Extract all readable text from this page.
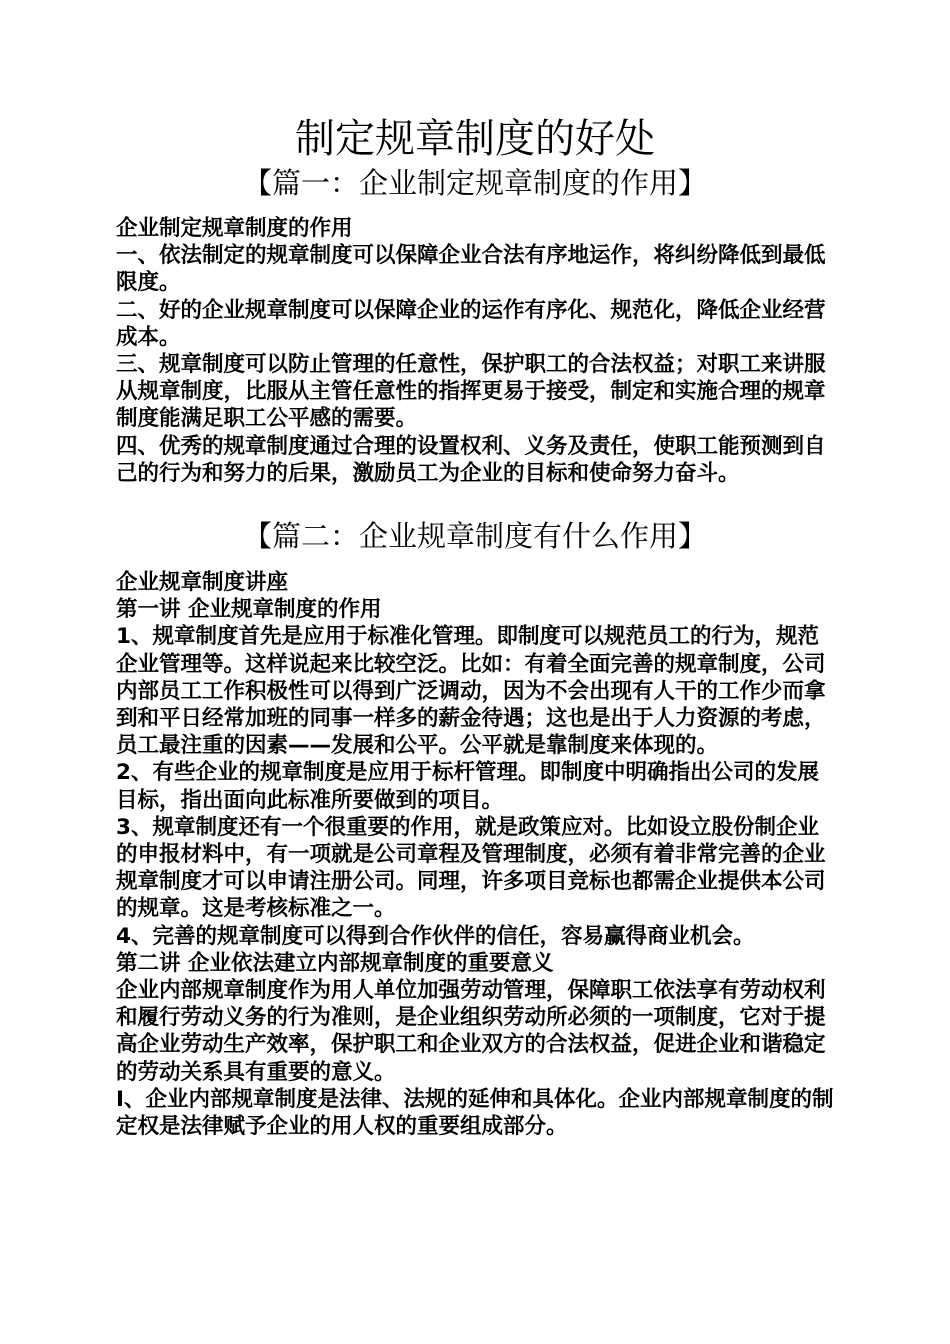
制定规章制度的好处
【篇一：企业制定规章制度的作用】

企业制定规章制度的作用

一、依法制定的规章制度可以保障企业合法有序地运作，将纠纷降低到最低限度。

二、好的企业规章制度可以保障企业的运作有序化、规范化，降低企业经营成本。

三、规章制度可以防止管理的任意性，保护职工的合法权益；对职工来讲服从规章制度，比服从主管任意性的指挥更易于接受，制定和实施合理的规章制度能满足职工公平感的需要。

四、优秀的规章制度通过合理的设置权利、义务及责任，使职工能预测到自己的行为和努力的后果，激励员工为企业的目标和使命努力奋斗。

【篇二：企业规章制度有什么作用】

企业规章制度讲座

第一讲 企业规章制度的作用

1、规章制度首先是应用于标准化管理。即制度可以规范员工的行为，规范企业管理等。这样说起来比较空泛。比如：有着全面完善的规章制度，公司内部员工工作积极性可以得到广泛调动，因为不会出现有人干的工作少而拿到和平日经常加班的同事一样多的薪金待遇；这也是出于人力资源的考虑，员工最注重的因素——发展和公平。公平就是靠制度来体现的。

2、有些企业的规章制度是应用于标杆管理。即制度中明确指出公司的发展目标，指出面向此标准所要做到的项目。

3、规章制度还有一个很重要的作用，就是政策应对。比如设立股份制企业的申报材料中，有一项就是公司章程及管理制度，必须有着非常完善的企业规章制度才可以申请注册公司。同理，许多项目竞标也都需企业提供本公司的规章。这是考核标准之一。

4、完善的规章制度可以得到合作伙伴的信任，容易赢得商业机会。

第二讲 企业依法建立内部规章制度的重要意义

企业内部规章制度作为用人单位加强劳动管理，保障职工依法享有劳动权利和履行劳动义务的行为准则，是企业组织劳动所必须的一项制度，它对于提

高企业劳动生产效率，保护职工和企业双方的合法权益，促进企业和谐稳定的劳动关系具有重要的意义。

Ⅰ、企业内部规章制度是法律、法规的延伸和具体化。企业内部规章制度的制定权是法律赋予企业的用人权的重要组成部分。
